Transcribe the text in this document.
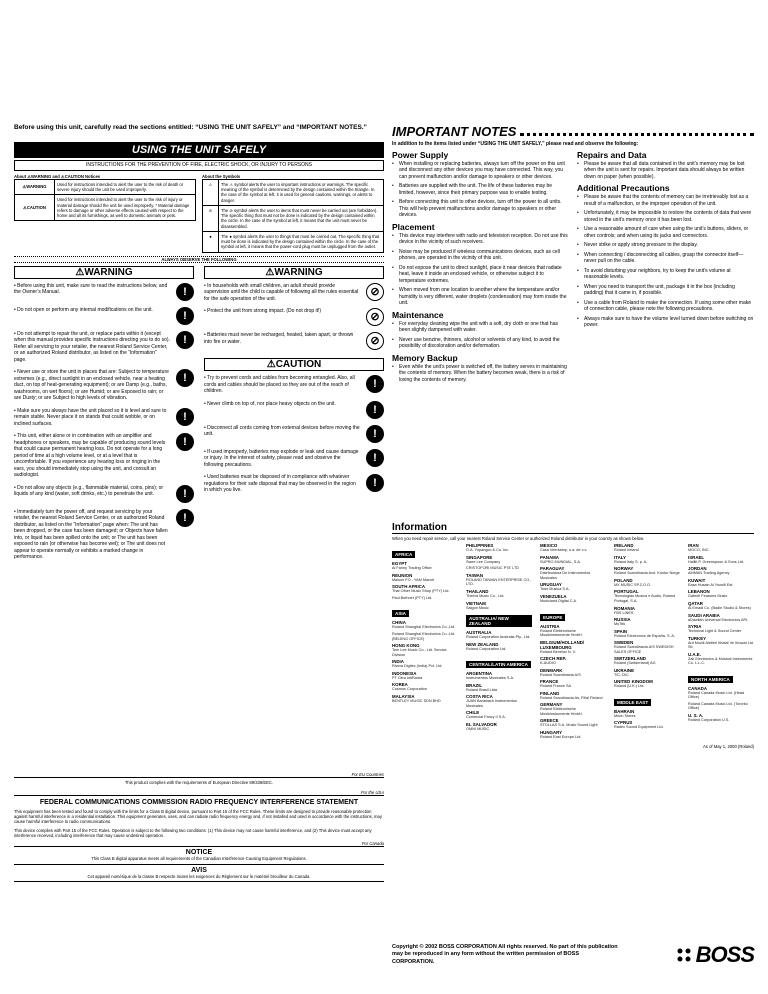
Before using this unit, carefully read the sections entitled: “USING THE UNIT SAFELY” and “IMPORTANT NOTES.”
USING THE UNIT SAFELY
INSTRUCTIONS FOR THE PREVENTION OF FIRE, ELECTRIC SHOCK, OR INJURY TO PERSONS
About ⚠WARNING and ⚠CAUTION Notices
⚠WARNING	Used for instructions intended to alert the user to the risk of death or severe injury should the unit be used improperly.
⚠CAUTION	Used for instructions intended to alert the user to the risk of injury or material damage should the unit be used improperly. * Material damage refers to damage or other adverse effects caused with respect to the home and all its furnishings, as well to domestic animals or pets.
About the Symbols
⚠	The ⚠ symbol alerts the user to important instructions or warnings. The specific meaning of the symbol is determined by the design contained within the triangle. In the case of the symbol at left, it is used for general cautions, warnings, or alerts to danger.
⊘	The ⊘ symbol alerts the user to items that must never be carried out (are forbidden). The specific thing that must not be done is indicated by the design contained within the circle. In the case of the symbol at left, it means that the unit must never be disassembled.
●	The ● symbol alerts the user to things that must be carried out. The specific thing that must be done is indicated by the design contained within the circle. In the case of the symbol at left, it means that the power-cord plug must be unplugged from the outlet.
ALWAYS OBSERVE THE FOLLOWING
⚠WARNING
• Before using this unit, make sure to read the instructions below, and the Owner’s Manual.	!
• Do not open or perform any internal modifications on the unit.	!
• Do not attempt to repair the unit, or replace parts within it (except when this manual provides specific instructions directing you to do so). Refer all servicing to your retailer, the nearest Roland Service Center, or an authorized Roland distributor, as listed on the “Information” page.
!
• Never use or store the unit in places that are: Subject to temperature extremes (e.g., direct sunlight in an enclosed vehicle, near a heating duct, on top of heat-generating equipment); or are Damp (e.g., baths, washrooms, on wet floors); or are Humid; or are Exposed to rain; or are Dusty; or are Subject to high levels of vibration.
!
• Make sure you always have the unit placed so it is level and sure to remain stable. Never place it on stands that could wobble, or on inclined surfaces.
!
• This unit, either alone or in combination with an amplifier and headphones or speakers, may be capable of producing sound levels that could cause permanent hearing loss. Do not operate for a long period of time at a high volume level, or at a level that is uncomfortable. If you experience any hearing loss or ringing in the ears, you should immediately stop using the unit, and consult an audiologist.
!
• Do not allow any objects (e.g., flammable material, coins, pins); or liquids of any kind (water, soft drinks, etc.) to penetrate the unit.	!
• Immediately turn the power off, and request servicing by your retailer, the nearest Roland Service Center, or an authorized Roland distributor, as listed on the “Information” page when: The unit has been dropped, or the case has been damaged; or Objects have fallen into, or liquid has been spilled onto the unit; or The unit has been exposed to rain (or otherwise has become wet); or The unit does not appear to operate normally or exhibits a marked change in performance.
!
⚠WARNING
• In households with small children, an adult should provide supervision until the child is capable of following all the rules essential for the safe operation of the unit.
⊘
• Protect the unit from strong impact. (Do not drop it!)	⊘
• Batteries must never be recharged, heated, taken apart, or thrown into fire or water.	⊘
⚠CAUTION
• Try to prevent cords and cables from becoming entangled. Also, all cords and cables should be placed so they are out of the reach of children.
!
• Never climb on top of, nor place heavy objects on the unit.	!
• Disconnect all cords coming from external devices before moving the unit.	!
• If used improperly, batteries may explode or leak and cause damage or injury. In the interest of safety, please read and observe the following precautions.
!
• Used batteries must be disposed of in compliance with whatever regulations for their safe disposal that may be observed in the region in which you live.
!
For EU Countries
This product complies with the requirements of European Directive 89/336/EEC.
For the USA
FEDERAL COMMUNICATIONS COMMISSION RADIO FREQUENCY INTERFERENCE STATEMENT
This equipment has been tested and found to comply with the limits for a Class B digital device, pursuant to Part 15 of the FCC Rules. These limits are designed to provide reasonable protection against harmful interference in a residential installation. This equipment generates, uses, and can radiate radio frequency energy and, if not installed and used in accordance with the instructions, may cause harmful interference to radio communications.
This device complies with Part 15 of the FCC Rules. Operation is subject to the following two conditions: (1) This device may not cause harmful interference, and (2) This device must accept any interference received, including interference that may cause undesired operation.
For Canada
NOTICE
This Class B digital apparatus meets all requirements of the Canadian Interference-Causing Equipment Regulations.
AVIS
Cet appareil numérique de la classe B respecte toutes les exigences du Règlement sur le matériel brouilleur du Canada.
IMPORTANT NOTES
In addition to the items listed under “USING THE UNIT SAFELY,” please read and observe the following:
Power Supply
• When installing or replacing batteries, always turn off the power on this unit and disconnect any other devices you may have connected. This way, you can prevent malfunction and/or damage to speakers or other devices.
• Batteries are supplied with the unit. The life of these batteries may be limited, however, since their primary purpose was to enable testing.
• Before connecting this unit to other devices, turn off the power to all units. This will help prevent malfunctions and/or damage to speakers or other devices.
Placement
• This device may interfere with radio and television reception. Do not use this device in the vicinity of such receivers.
• Noise may be produced if wireless communications devices, such as cell phones, are operated in the vicinity of this unit.
• Do not expose the unit to direct sunlight, place it near devices that radiate heat, leave it inside an enclosed vehicle, or otherwise subject it to temperature extremes.
• When moved from one location to another where the temperature and/or humidity is very different, water droplets (condensation) may form inside the unit.
Maintenance
• For everyday cleaning wipe the unit with a soft, dry cloth or one that has been slightly dampened with water.
• Never use benzine, thinners, alcohol or solvents of any kind, to avoid the possibility of discoloration and/or deformation.
Memory Backup
• Even while the unit’s power is switched off, the battery serves in maintaining the contents of memory. When the battery becomes weak, there is a risk of losing the contents of memory.
Repairs and Data
• Please be aware that all data contained in the unit’s memory may be lost when the unit is sent for repairs. Important data should always be written down on paper (when possible).
Additional Precautions
• Please be aware that the contents of memory can be irretrievably lost as a result of a malfunction, or the improper operation of the unit.
• Unfortunately, it may be impossible to restore the contents of data that were stored in the unit’s memory once it has been lost.
• Use a reasonable amount of care when using the unit’s buttons, sliders, or other controls; and when using its jacks and connectors.
• Never strike or apply strong pressure to the display.
• When connecting / disconnecting all cables, grasp the connector itself—never pull on the cable.
• To avoid disturbing your neighbors, try to keep the unit’s volume at reasonable levels.
• When you need to transport the unit, package it in the box (including padding) that it came in, if possible.
• Use a cable from Roland to make the connection. If using some other make of connection cable, please note the following precautions.
• Always make sure to have the volume level turned down before switching on power.
Information
When you need repair service, call your nearest Roland Service Center or authorized Roland distributor in your country as shown below.
AFRICA
EGYPT
Al Fanny Trading Office
REUNION
Maison FO - YAM Marcel
SOUTH AFRICA
That Other Music Shop (PTY) Ltd.
Paul Bothner (PTY) Ltd.
ASIA
CHINA
Roland Shanghai Electronics Co.,Ltd.
Roland Shanghai Electronics Co.,Ltd. (BEIJING OFFICE)
HONG KONG
Tom Lee Music Co., Ltd. Service Division
INDIA
Rivera Digitec (India) Pvt. Ltd.
INDONESIA
PT Citra IntiRama
KOREA
Cosmos Corporation
MALAYSIA
BENTLEY MUSIC SDN BHD
PHILIPPINES
G.A. Yupangco & Co. Inc.
SINGAPORE
Swee Lee Company
CRISTOFORI MUSIC PTE LTD
TAIWAN
ROLAND TAIWAN ENTERPRISE CO., LTD.
THAILAND
Theera Music Co., Ltd.
VIETNAM
Saigon Music
AUSTRALIA/ NEW ZEALAND
AUSTRALIA
Roland Corporation Australia Pty., Ltd.
NEW ZEALAND
Roland Corporation Ltd.
CENTRAL/LATIN AMERICA
ARGENTINA
Instrumentos Musicales S.A.
BRAZIL
Roland Brasil Ltda
COSTA RICA
JUAN Bansbach Instrumentos Musicales
CHILE
Comercial Fancy II S.A.
EL SALVADOR
OMNI MUSIC
MEXICO
Casa Veerkamp, s.a. de c.v.
PANAMA
SUPRO MUNDIAL, S.A.
PARAGUAY
Distribuidora De Instrumentos Musicales
URUGUAY
Todo Musica S.A.
VENEZUELA
Musicland Digital C.A.
EUROPE
AUSTRIA
Roland Elektronische Musikinstrumente HmbH.
BELGIUM/HOLLAND/ LUXEMBOURG
Roland Benelux N. V.
CZECH REP.
K-AUDIO
DENMARK
Roland Scandinavia A/S
FRANCE
Roland France SA
FINLAND
Roland Scandinavia As, Filial Finland
GERMANY
Roland Elektronische Musikinstrumente HmbH.
GREECE
STOLLAS S.A. Music Sound Light
HUNGARY
Roland East Europe Ltd.
IRELAND
Roland Ireland
ITALY
Roland Italy S. p. A.
NORWAY
Roland Scandinavia Avd. Kontor Norge
POLAND
MX MUSIC SP.Z.O.O.
PORTUGAL
Tecnologias Musica e Audio, Roland Portugal, S.A.
ROMANIA
FBS LINES
RUSSIA
MuTek
SPAIN
Roland Electronics de España, S. A.
SWEDEN
Roland Scandinavia A/S SWEDISH SALES OFFICE
SWITZERLAND
Roland (Switzerland) AG
UKRAINE
TIC-TAC
UNITED KINGDOM
Roland (U.K.) Ltd.
MIDDLE EAST
BAHRAIN
Moon Stores
CYPRUS
Radex Sound Equipment Ltd.
IRAN
MOCO, INC.
ISRAEL
Halilit P. Greenspoon & Sons Ltd.
JORDAN
AMMAN Trading Agency
KUWAIT
Easa Husain Al Yousifi Est.
LEBANON
Gabriel Features Music
QATAR
Al Emadi Co. (Badie Studio & Stores)
SAUDI ARABIA
aDawliah Universal Electronics APL
SYRIA
Technical Light & Sound Center
TURKEY
Ant Muzik Aletleri Ithalat Ve Ihracat Ltd Sti
U.A.E.
Zak Electronics & Musical Instruments Co. L.L.C.
NORTH AMERICA
CANADA
Roland Canada Music Ltd. (Head Office)
Roland Canada Music Ltd. (Toronto Office)
U. S. A.
Roland Corporation U.S.
As of May 1, 2000 (Roland)
Copyright © 2002 BOSS CORPORATION All rights reserved. No part of this publication may be reproduced in any form without the written permission of BOSS CORPORATION.	BOSS
